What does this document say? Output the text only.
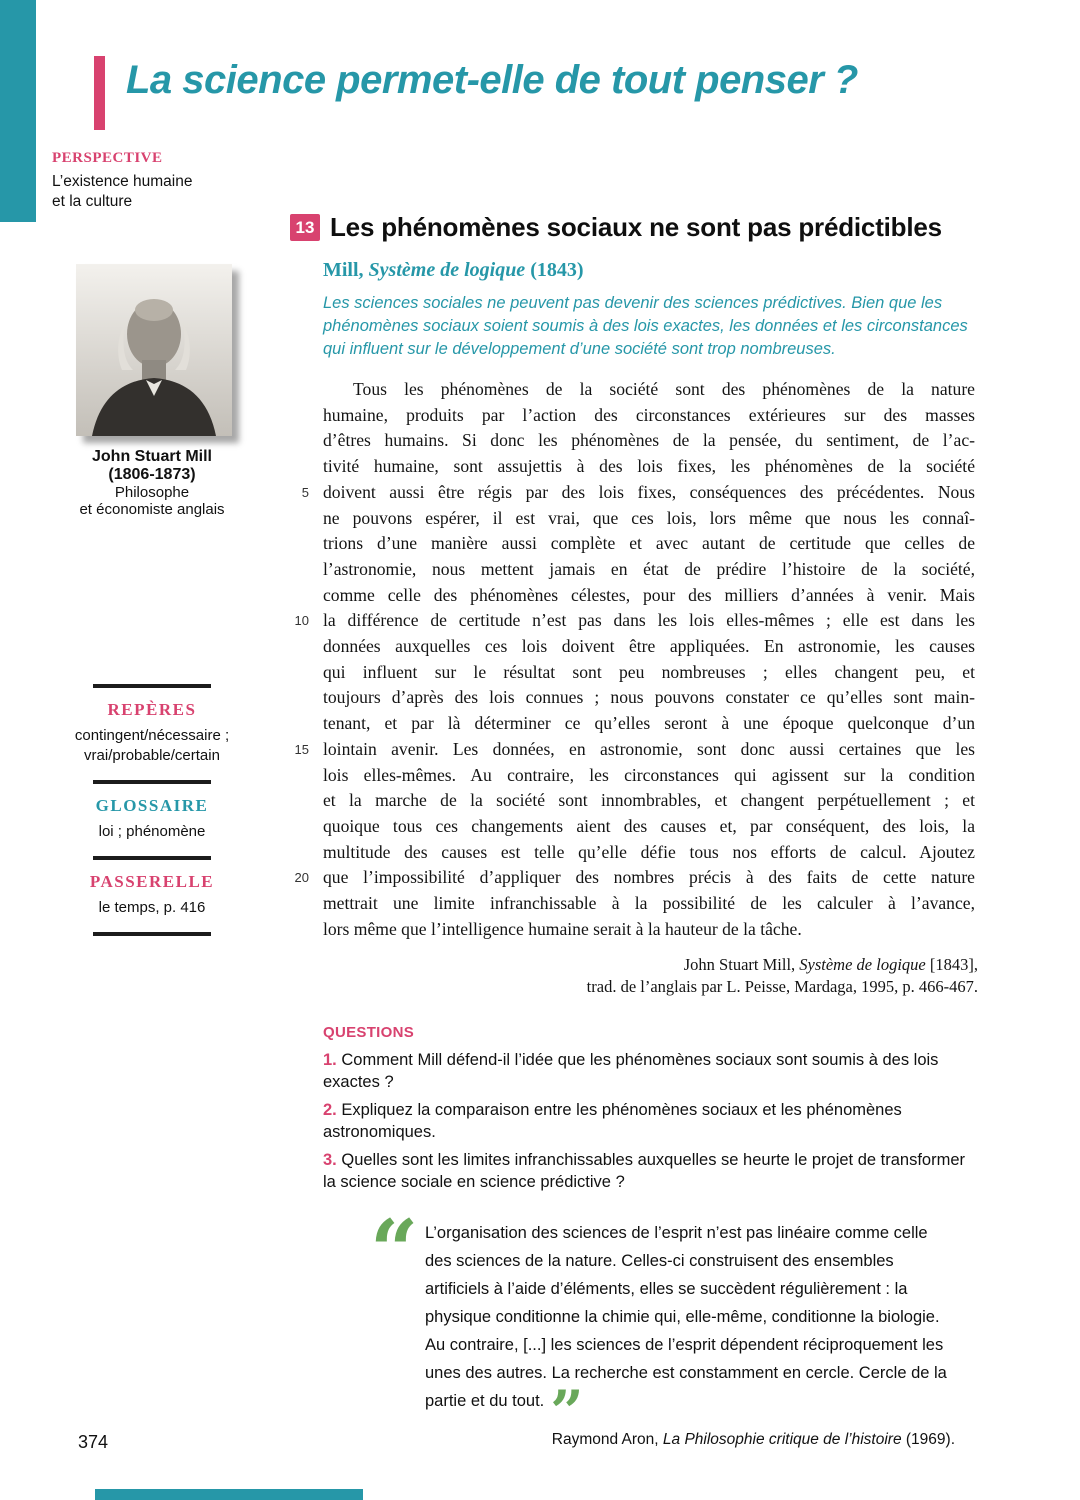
La science permet-elle de tout penser ?
PERSPECTIVE
L’existence humaine
et la culture
John Stuart Mill
(1806-1873)
Philosophe
et économiste anglais
REPÈRES
contingent/nécessaire ;
vrai/probable/certain
GLOSSAIRE
loi ; phénomène
PASSERELLE
le temps, p. 416
13 Les phénomènes sociaux ne sont pas prédictibles
Mill, Système de logique (1843)

Les sciences sociales ne peuvent pas devenir des sciences prédictives. Bien que les phénomènes sociaux soient soumis à des lois exactes, les données et les circonstances qui influent sur le développement d’une société sont trop nombreuses.

Tous les phénomènes de la société sont des phénomènes de la nature
humaine, produits par l’action des circonstances extérieures sur des masses
d’êtres humains. Si donc les phénomènes de la pensée, du sentiment, de l’ac-
tivité humaine, sont assujettis à des lois fixes, les phénomènes de la société
5 doivent aussi être régis par des lois fixes, conséquences des précédentes. Nous
ne pouvons espérer, il est vrai, que ces lois, lors même que nous les connaî-
trions d’une manière aussi complète et avec autant de certitude que celles de
l’astronomie, nous mettent jamais en état de prédire l’histoire de la société,
comme celle des phénomènes célestes, pour des milliers d’années à venir. Mais
10 la différence de certitude n’est pas dans les lois elles-mêmes ; elle est dans les
données auxquelles ces lois doivent être appliquées. En astronomie, les causes
qui influent sur le résultat sont peu nombreuses ; elles changent peu, et
toujours d’après des lois connues ; nous pouvons constater ce qu’elles sont main-
tenant, et par là déterminer ce qu’elles seront à une époque quelconque d’un
15 lointain avenir. Les données, en astronomie, sont donc aussi certaines que les
lois elles-mêmes. Au contraire, les circonstances qui agissent sur la condition
et la marche de la société sont innombrables, et changent perpétuellement ; et
quoique tous ces changements aient des causes et, par conséquent, des lois, la
multitude des causes est telle qu’elle défie tous nos efforts de calcul. Ajoutez
20 que l’impossibilité d’appliquer des nombres précis à des faits de cette nature
mettrait une limite infranchissable à la possibilité de les calculer à l’avance,
lors même que l’intelligence humaine serait à la hauteur de la tâche.
John Stuart Mill, Système de logique [1843],
trad. de l’anglais par L. Peisse, Mardaga, 1995, p. 466-467.
QUESTIONS

1. Comment Mill défend-il l’idée que les phénomènes sociaux sont soumis à des lois exactes ?

2. Expliquez la comparaison entre les phénomènes sociaux et les phénomènes astronomiques.

3. Quelles sont les limites infranchissables auxquelles se heurte le projet de transformer la science sociale en science prédictive ?

“ L’organisation des sciences de l’esprit n’est pas linéaire comme celle des sciences de la nature. Celles-ci construisent des ensembles artificiels à l’aide d’éléments, elles se succèdent régulièrement : la physique conditionne la chimie qui, elle-même, conditionne la biologie. Au contraire, [...] les sciences de l’esprit dépendent réciproquement les unes des autres. La recherche est constamment en cercle. Cercle de la partie et du tout. ”

Raymond Aron, La Philosophie critique de l’histoire (1969).
374
